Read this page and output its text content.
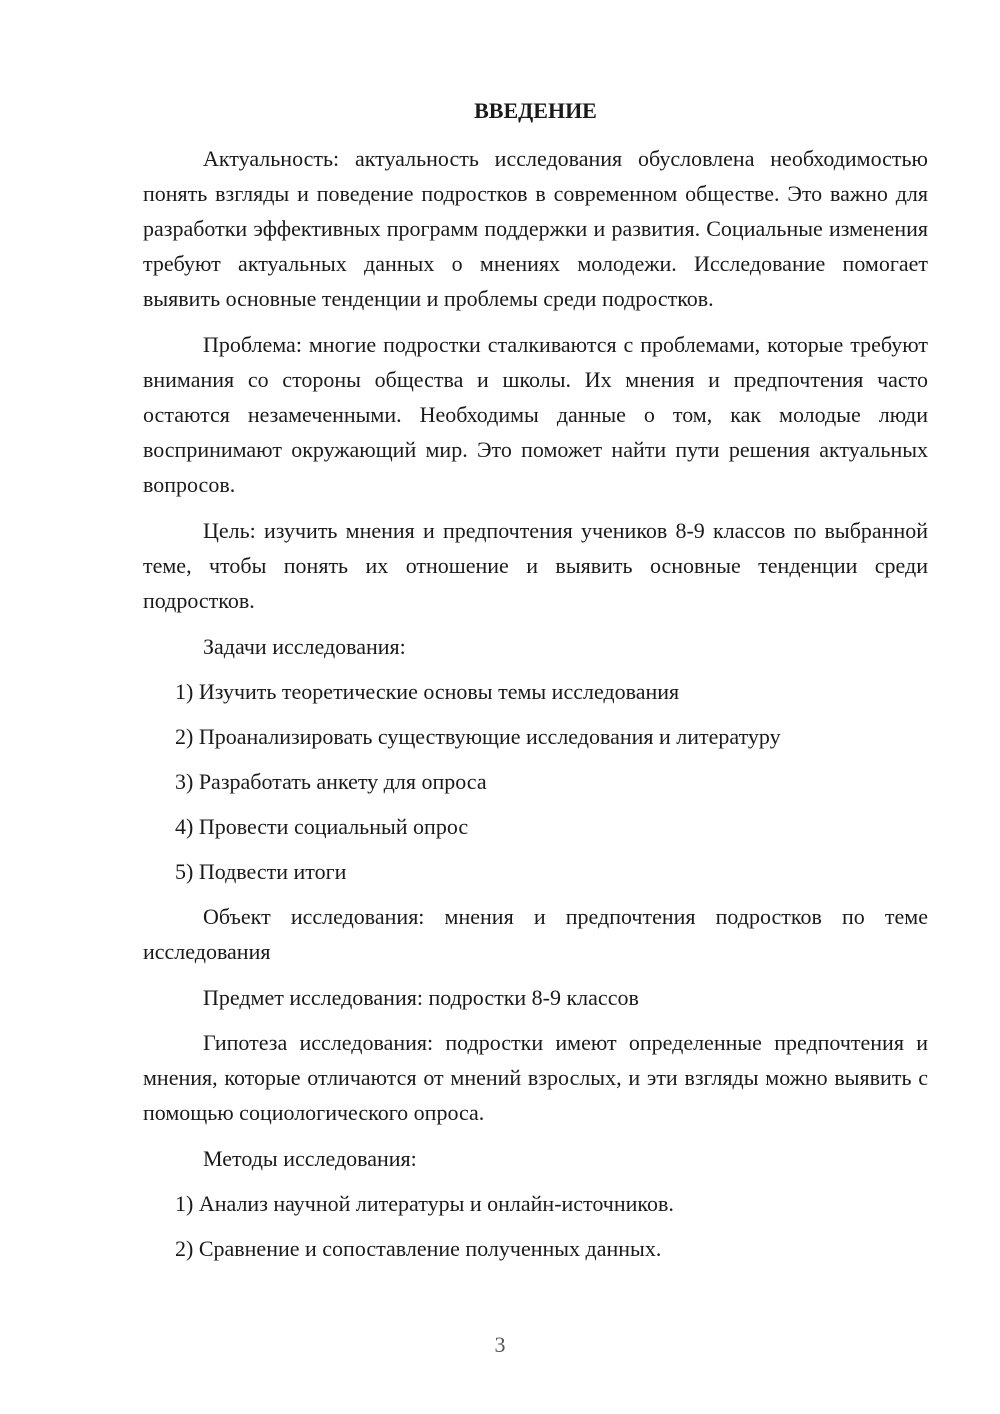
ВВЕДЕНИЕ

Актуальность: актуальность исследования обусловлена необходимостью понять взгляды и поведение подростков в современном обществе. Это важно для разработки эффективных программ поддержки и развития. Социальные изменения требуют актуальных данных о мнениях молодежи. Исследование помогает выявить основные тенденции и проблемы среди подростков.

Проблема: многие подростки сталкиваются с проблемами, которые требуют внимания со стороны общества и школы. Их мнения и предпочтения часто остаются незамеченными. Необходимы данные о том, как молодые люди воспринимают окружающий мир. Это поможет найти пути решения актуальных вопросов.

Цель: изучить мнения и предпочтения учеников 8-9 классов по выбранной теме, чтобы понять их отношение и выявить основные тенденции среди подростков.

Задачи исследования:

1) Изучить теоретические основы темы исследования
2) Проанализировать существующие исследования и литературу
3) Разработать анкету для опроса
4) Провести социальный опрос
5) Подвести итоги

Объект исследования: мнения и предпочтения подростков по теме исследования

Предмет исследования: подростки 8-9 классов

Гипотеза исследования: подростки имеют определенные предпочтения и мнения, которые отличаются от мнений взрослых, и эти взгляды можно выявить с помощью социологического опроса.

Методы исследования:

1) Анализ научной литературы и онлайн-источников.
2) Сравнение и сопоставление полученных данных.
3
